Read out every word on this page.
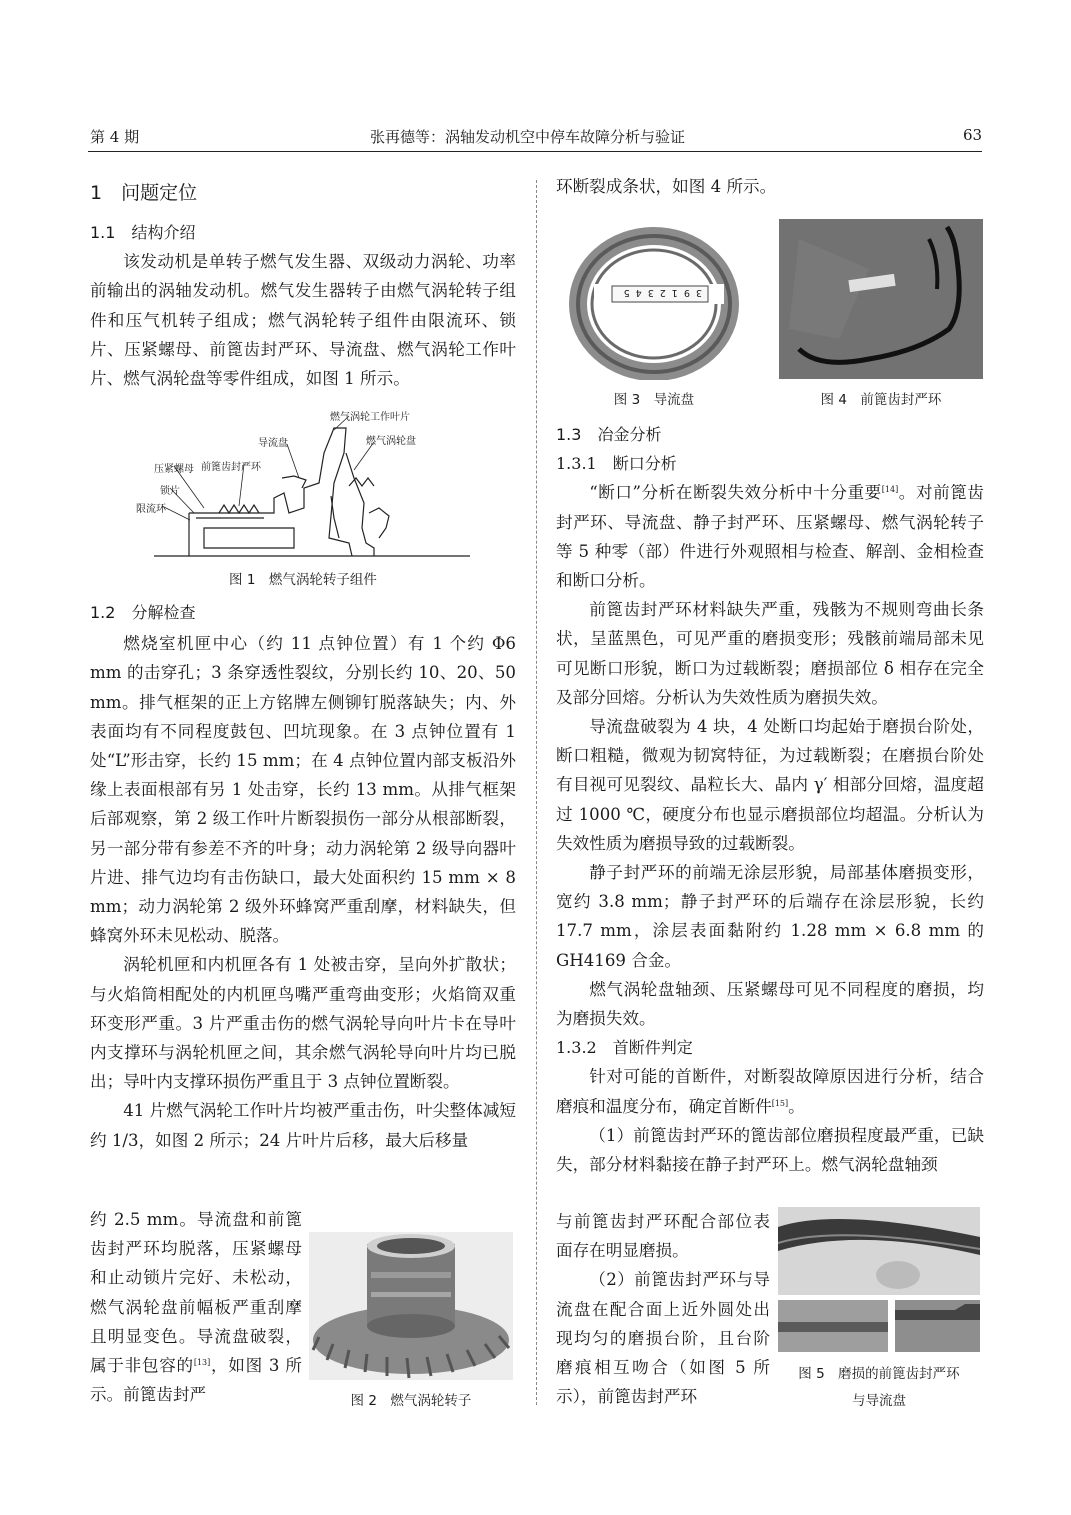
第 4 期	张再德等：涡轴发动机空中停车故障分析与验证	63

1　问题定位

1.1　结构介绍

该发动机是单转子燃气发生器、双级动力涡轮、功率前输出的涡轴发动机。燃气发生器转子由燃气涡轮转子组件和压气机转子组成；燃气涡轮转子组件由限流环、锁片、压紧螺母、前篦齿封严环、导流盘、燃气涡轮工作叶片、燃气涡轮盘等零件组成，如图 1 所示。

燃气涡轮工作叶片
导流盘	燃气涡轮盘
压紧螺母 前篦齿封严环
锁片
限流环
图 1　燃气涡轮转子组件

1.2　分解检查

燃烧室机匣中心（约 11 点钟位置）有 1 个约 Φ6 mm 的击穿孔；3 条穿透性裂纹，分别长约 10、20、50 mm。排气框架的正上方铭牌左侧铆钉脱落缺失；内、外表面均有不同程度鼓包、凹坑现象。在 3 点钟位置有 1 处“L”形击穿，长约 15 mm；在 4 点钟位置内部支板沿外缘上表面根部有另 1 处击穿，长约 13 mm。从排气框架后部观察，第 2 级工作叶片断裂损伤一部分从根部断裂，另一部分带有参差不齐的叶身；动力涡轮第 2 级导向器叶片进、排气边均有击伤缺口，最大处面积约 15 mm × 8 mm；动力涡轮第 2 级外环蜂窝严重刮摩，材料缺失，但蜂窝外环未见松动、脱落。

涡轮机匣和内机匣各有 1 处被击穿，呈向外扩散状；与火焰筒相配处的内机匣鸟嘴严重弯曲变形；火焰筒双重环变形严重。3 片严重击伤的燃气涡轮导向叶片卡在导叶内支撑环与涡轮机匣之间，其余燃气涡轮导向叶片均已脱出；导叶内支撑环损伤严重且于 3 点钟位置断裂。

41 片燃气涡轮工作叶片均被严重击伤，叶尖整体减短约 1/3，如图 2 所示；24 片叶片后移，最大后移量

约 2.5 mm。导流盘和前篦齿封严环均脱落，压紧螺母和止动锁片完好、未松动，燃气涡轮盘前幅板严重刮摩且明显变色。导流盘破裂，属于非包容的[13]，如图 3 所示。前篦齿封严	图 2　燃气涡轮转子

环断裂成条状，如图 4 所示。

3 9 1 2 3 4 5
图 3　导流盘	图 4　前篦齿封严环

1.3　冶金分析

1.3.1　断口分析

“断口”分析在断裂失效分析中十分重要[14]。对前篦齿封严环、导流盘、静子封严环、压紧螺母、燃气涡轮转子等 5 种零（部）件进行外观照相与检查、解剖、金相检查和断口分析。

前篦齿封严环材料缺失严重，残骸为不规则弯曲长条状，呈蓝黑色，可见严重的磨损变形；残骸前端局部未见可见断口形貌，断口为过载断裂；磨损部位 δ 相存在完全及部分回熔。分析认为失效性质为磨损失效。

导流盘破裂为 4 块，4 处断口均起始于磨损台阶处，断口粗糙，微观为韧窝特征，为过载断裂；在磨损台阶处有目视可见裂纹、晶粒长大、晶内 γ′ 相部分回熔，温度超过 1000 ℃，硬度分布也显示磨损部位均超温。分析认为失效性质为磨损导致的过载断裂。

静子封严环的前端无涂层形貌，局部基体磨损变形，宽约 3.8 mm；静子封严环的后端存在涂层形貌，长约 17.7 mm，涂层表面黏附约 1.28 mm × 6.8 mm 的 GH4169 合金。

燃气涡轮盘轴颈、压紧螺母可见不同程度的磨损，均为磨损失效。

1.3.2　首断件判定

针对可能的首断件，对断裂故障原因进行分析，结合磨痕和温度分布，确定首断件[15]。

（1）前篦齿封严环的篦齿部位磨损程度最严重，已缺失，部分材料黏接在静子封严环上。燃气涡轮盘轴颈

与前篦齿封严环配合部位表面存在明显磨损。

（2）前篦齿封严环与导流盘在配合面上近外圆处出现均匀的磨损台阶，且台阶磨痕相互吻合（如图 5 所示），前篦齿封严环

图 5　磨损的前篦齿封严环
与导流盘
